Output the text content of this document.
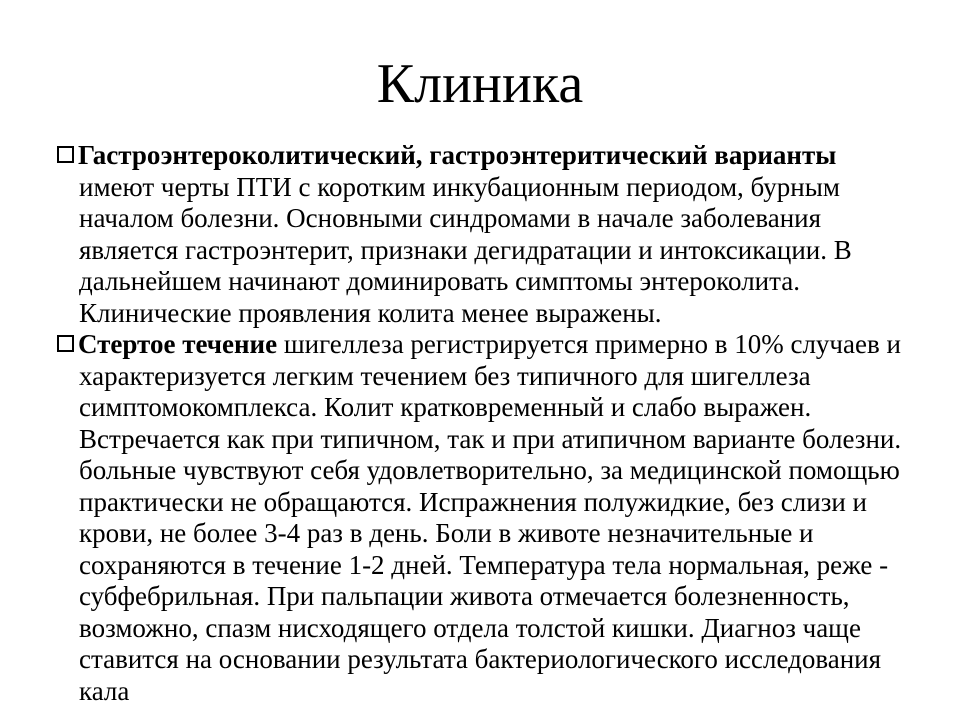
Клиника

Гастроэнтероколитический, гастроэнтеритический варианты имеют черты ПТИ с коротким инкубационным периодом, бурным началом болезни. Основными синдромами в начале заболевания является гастроэнтерит, признаки дегидратации и интоксикации. В дальнейшем начинают доминировать симптомы энтероколита. Клинические проявления колита менее выражены.

Стертое течение шигеллеза регистрируется примерно в 10% случаев и характеризуется легким течением без типичного для шигеллеза симптомокомплекса. Колит кратковременный и слабо выражен. Встречается как при типичном, так и при атипичном варианте болезни. больные чувствуют себя удовлетворительно, за медицинской помощью практически не обращаются. Испражнения полужидкие, без слизи и крови, не более 3-4 раз в день. Боли в животе незначительные и сохраняются в течение 1-2 дней. Температура тела нормальная, реже - субфебрильная. При пальпации живота отмечается болезненность, возможно, спазм нисходящего отдела толстой кишки. Диагноз чаще ставится на основании результата бактериологического исследования кала
